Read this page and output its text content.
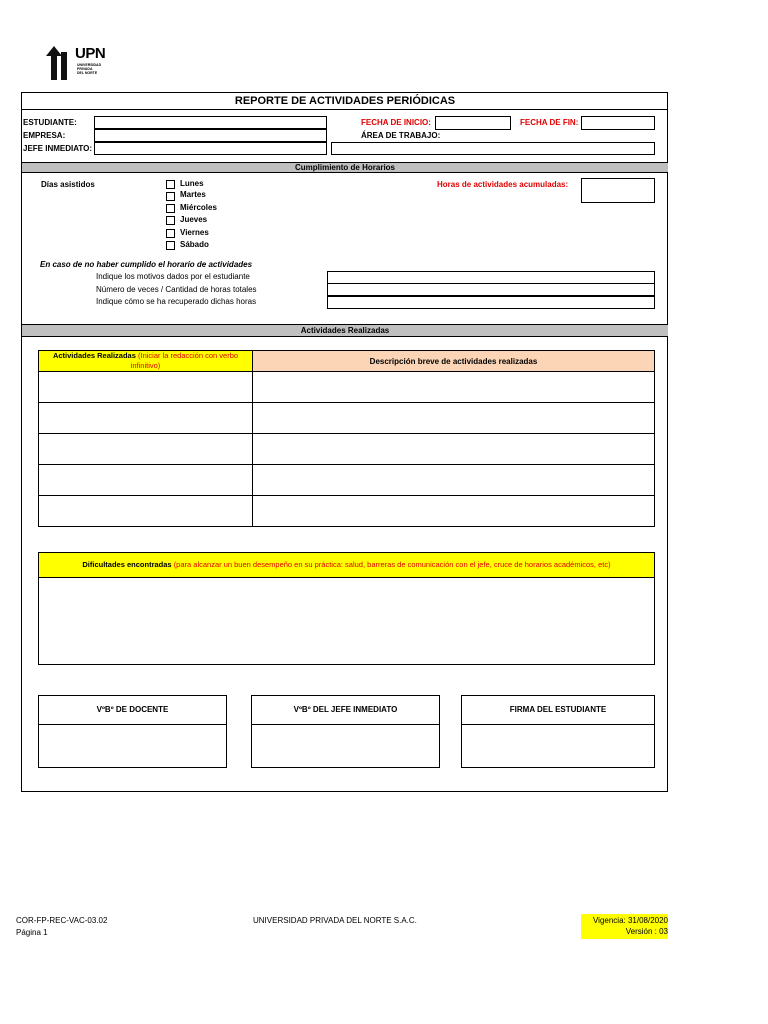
UPN
UNIVERSIDAD
PRIVADA
DEL NORTE
REPORTE DE ACTIVIDADES PERIÓDICAS
ESTUDIANTE:
EMPRESA:
JEFE INMEDIATO:
FECHA DE INICIO:	FECHA DE FIN:
ÁREA DE TRABAJO:
Cumplimiento de Horarios
Días asistidos	Lunes
Martes
Miércoles
Jueves
Viernes
Sábado
Horas de actividades acumuladas:
En caso de no haber cumplido el horario de actividades
Indique los motivos dados por el estudiante
Número de veces / Cantidad de horas totales
Indique cómo se ha recuperado dichas horas
Actividades Realizadas
Actividades Realizadas (Iniciar la redacción con verbo infinitivo)	Descripción breve de actividades realizadas

Dificultades encontradas (para alcanzar un buen desempeño en su práctica: salud, barreras de comunicación con el jefe, cruce de horarios académicos, etc)
VºBº DE DOCENTE	VºBº DEL JEFE INMEDIATO	FIRMA DEL ESTUDIANTE
COR-FP-REC-VAC-03.02
Página 1
UNIVERSIDAD PRIVADA DEL NORTE S.A.C.	Vigencia: 31/08/2020
Versión : 03
